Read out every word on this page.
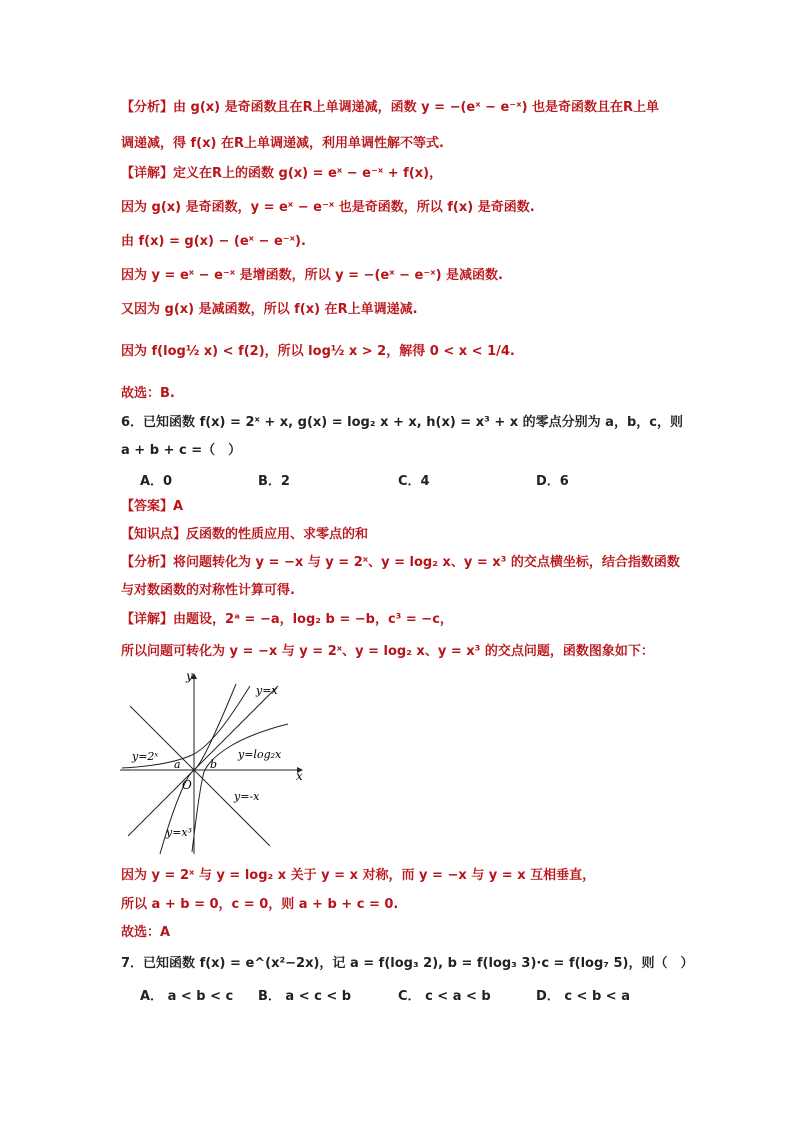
【分析】由 g(x) 是奇函数且在R上单调递减，函数 y = −(eˣ − e⁻ˣ) 也是奇函数且在R上单
调递减，得 f(x) 在R上单调递减，利用单调性解不等式.
【详解】定义在R上的函数 g(x) = eˣ − e⁻ˣ + f(x)，
因为 g(x) 是奇函数，y = eˣ − e⁻ˣ 也是奇函数，所以 f(x) 是奇函数.
由 f(x) = g(x) − (eˣ − e⁻ˣ).
因为 y = eˣ − e⁻ˣ 是增函数，所以 y = −(eˣ − e⁻ˣ) 是减函数.
又因为 g(x) 是减函数，所以 f(x) 在R上单调递减.
因为 f(log½ x) < f(2)，所以 log½ x > 2，解得 0 < x < 1/4.
故选：B.
6．已知函数 f(x) = 2ˣ + x, g(x) = log₂ x + x, h(x) = x³ + x 的零点分别为 a，b，c，则
a + b + c =（　）
A．0	B．2	C．4	D．6
【答案】A
【知识点】反函数的性质应用、求零点的和
【分析】将问题转化为 y = −x 与 y = 2ˣ、y = log₂ x、y = x³ 的交点横坐标，结合指数函数
与对数函数的对称性计算可得.
【详解】由题设，2ᵃ = −a，log₂ b = −b，c³ = −c，
所以问题可转化为 y = −x 与 y = 2ˣ、y = log₂ x、y = x³ 的交点问题，函数图象如下：
y
x
O
y=x
y=2ˣ	y=log₂x
y=-x
y=x³
a	b
因为 y = 2ˣ 与 y = log₂ x 关于 y = x 对称，而 y = −x 与 y = x 互相垂直，
所以 a + b = 0，c = 0，则 a + b + c = 0.
故选：A
7．已知函数 f(x) = e^(x²−2x)，记 a = f(log₃ 2), b = f(log₃ 3)·c = f(log₇ 5)，则（　）
A． a < b < c B． a < c < b	C． c < a < b	D． c < b < a
